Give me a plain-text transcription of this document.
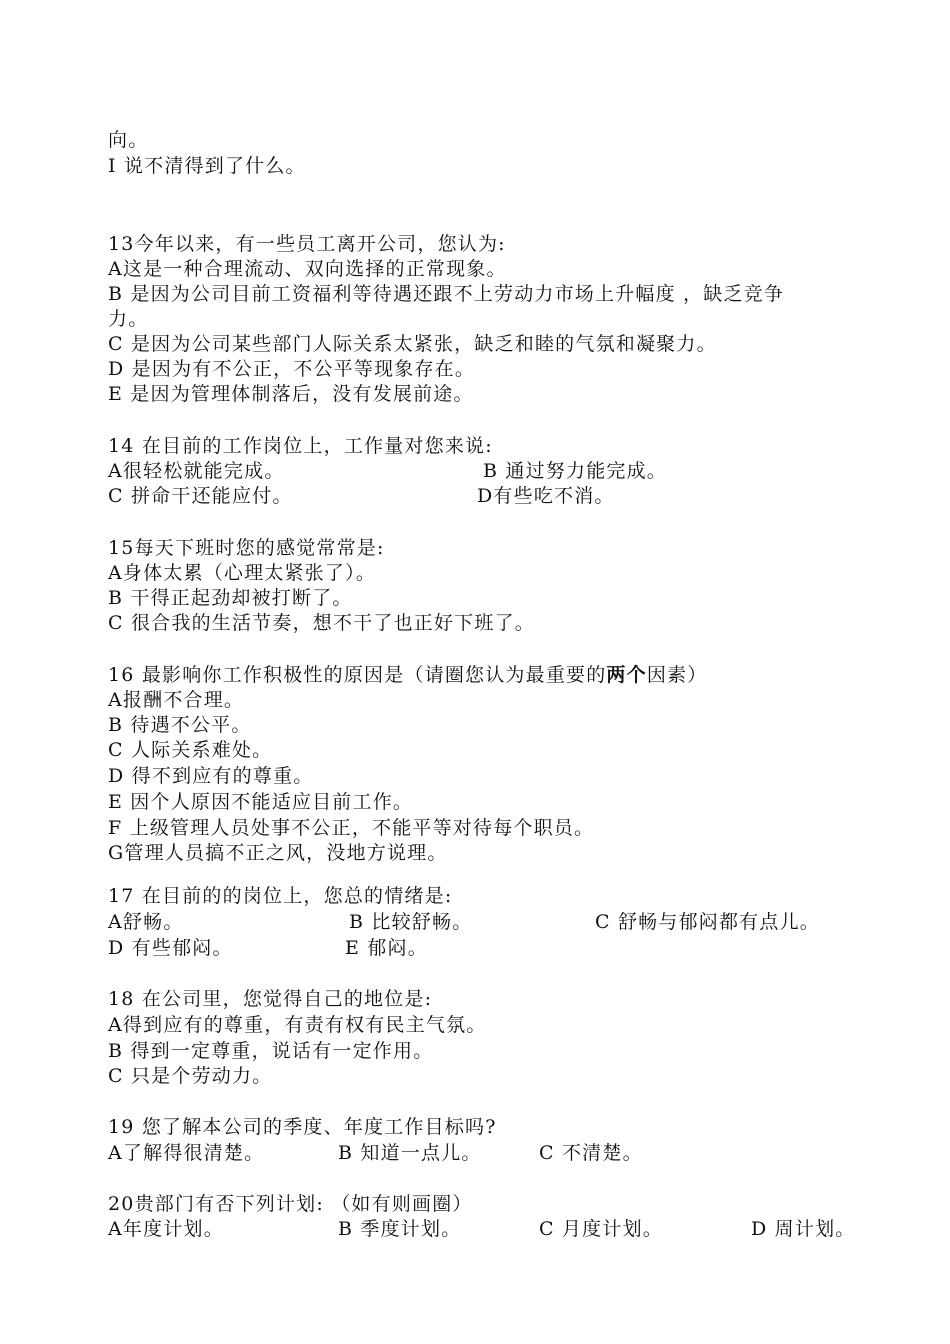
向。
I 说不清得到了什么。
13今年以来，有一些员工离开公司，您认为:
A这是一种合理流动、双向选择的正常现象。
B 是因为公司目前工资福利等待遇还跟不上劳动力市场上升幅度 ，缺乏竞争
力。
C 是因为公司某些部门人际关系太紧张，缺乏和睦的气氛和凝聚力。
D 是因为有不公正，不公平等现象存在。
E 是因为管理体制落后，没有发展前途。
14 在目前的工作岗位上，工作量对您来说:
A很轻松就能完成。	B 通过努力能完成。
C 拼命干还能应付。	D有些吃不消。
15每天下班时您的感觉常常是:
A身体太累（心理太紧张了）。
B 干得正起劲却被打断了。
C 很合我的生活节奏，想不干了也正好下班了。
16 最影响你工作积极性的原因是（请圈您认为最重要的两个因素）
A报酬不合理。
B 待遇不公平。
C 人际关系难处。
D 得不到应有的尊重。
E 因个人原因不能适应目前工作。
F 上级管理人员处事不公正，不能平等对待每个职员。
G管理人员搞不正之风，没地方说理。
17 在目前的的岗位上，您总的情绪是:
A舒畅。	B 比较舒畅。	C 舒畅与郁闷都有点儿。
D 有些郁闷。	E 郁闷。
18 在公司里，您觉得自己的地位是:
A得到应有的尊重，有责有权有民主气氛。
B 得到一定尊重，说话有一定作用。
C 只是个劳动力。
19 您了解本公司的季度、年度工作目标吗?
A了解得很清楚。	B 知道一点儿。	C 不清楚。
20贵部门有否下列计划: （如有则画圈）
A年度计划。	B 季度计划。	C 月度计划。	D 周计划。
